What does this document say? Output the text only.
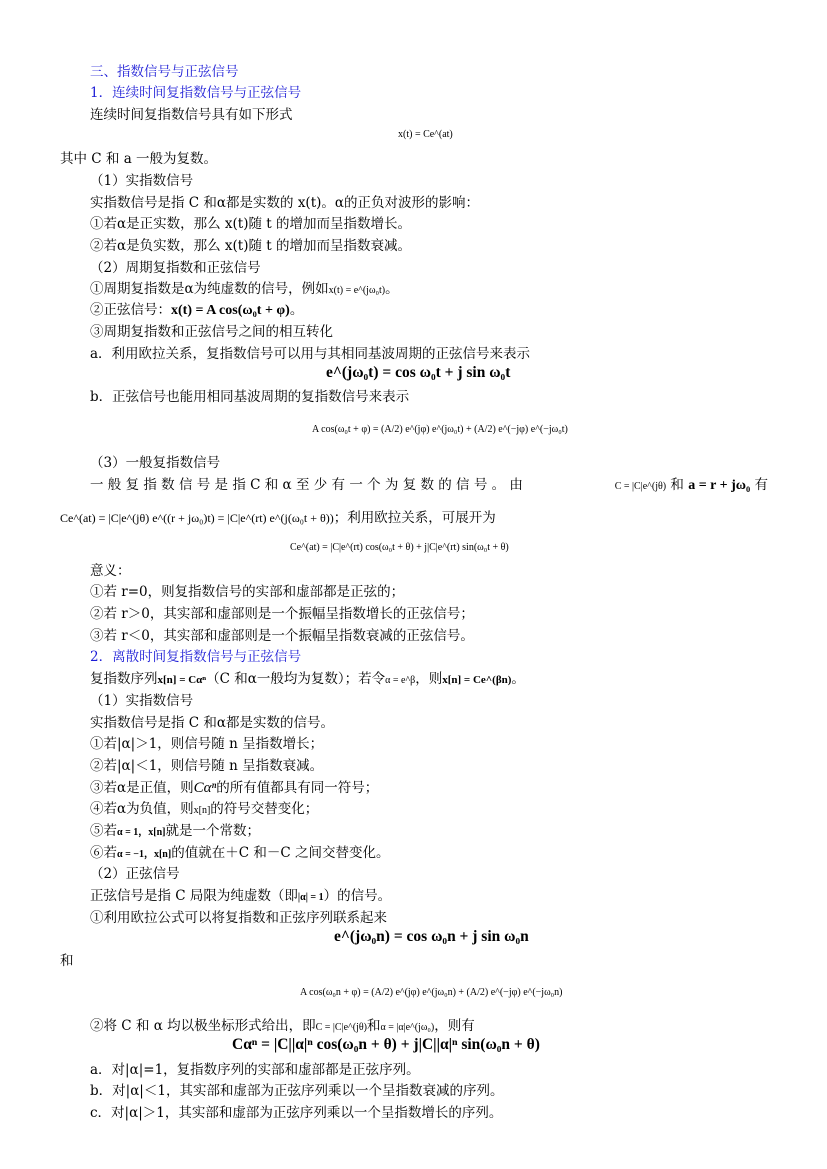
三、指数信号与正弦信号
1．连续时间复指数信号与正弦信号
连续时间复指数信号具有如下形式
x(t) = Ce^(at)
其中 C 和 a 一般为复数。
（1）实指数信号
实指数信号是指 C 和α都是实数的 x(t)。α的正负对波形的影响：
①若α是正实数，那么 x(t)随 t 的增加而呈指数增长。
②若α是负实数，那么 x(t)随 t 的增加而呈指数衰减。
（2）周期复指数和正弦信号
①周期复指数是α为纯虚数的信号，例如x(t) = e^(jω₀t)。
②正弦信号：x(t) = A cos(ω₀t + φ)。
③周期复指数和正弦信号之间的相互转化
a．利用欧拉关系，复指数信号可以用与其相同基波周期的正弦信号来表示
e^(jω₀t) = cos ω₀t + j sin ω₀t
b．正弦信号也能用相同基波周期的复指数信号来表示
A cos(ω₀t + φ) = (A/2) e^(jφ) e^(jω₀t) + (A/2) e^(−jφ) e^(−jω₀t)
（3）一般复指数信号
一 般 复 指 数 信 号 是 指 C 和 α 至 少 有 一 个 为 复 数 的 信 号 。 由	C = |C|e^(jθ) 和 a = r + jω₀ 有
Ce^(at) = |C|e^(jθ) e^((r + jω₀)t) = |C|e^(rt) e^(j(ω₀t + θ))；利用欧拉关系，可展开为
Ce^(at) = |C|e^(rt) cos(ω₀t + θ) + j|C|e^(rt) sin(ω₀t + θ)
意义：
①若 r=0，则复指数信号的实部和虚部都是正弦的；
②若 r＞0，其实部和虚部则是一个振幅呈指数增长的正弦信号；
③若 r＜0，其实部和虚部则是一个振幅呈指数衰减的正弦信号。
2．离散时间复指数信号与正弦信号
复指数序列x[n] = Cαⁿ（C 和α一般均为复数）；若令α = e^β，则x[n] = Ce^(βn)。
（1）实指数信号
实指数信号是指 C 和α都是实数的信号。
①若|α|＞1，则信号随 n 呈指数增长；
②若|α|＜1，则信号随 n 呈指数衰减。
③若α是正值，则Cαⁿ的所有值都具有同一符号；
④若α为负值，则x[n]的符号交替变化；
⑤若α = 1，x[n]就是一个常数；
⑥若α = −1，x[n]的值就在＋C 和－C 之间交替变化。
（2）正弦信号
正弦信号是指 C 局限为纯虚数（即|α| = 1）的信号。
①利用欧拉公式可以将复指数和正弦序列联系起来
e^(jω₀n) = cos ω₀n + j sin ω₀n
和
A cos(ω₀n + φ) = (A/2) e^(jφ) e^(jω₀n) + (A/2) e^(−jφ) e^(−jω₀n)
②将 C 和 α 均以极坐标形式给出，即C = |C|e^(jθ)和α = |α|e^(jω₀)，则有
Cαⁿ = |C||α|ⁿ cos(ω₀n + θ) + j|C||α|ⁿ sin(ω₀n + θ)
a．对|α|=1，复指数序列的实部和虚部都是正弦序列。
b．对|α|＜1，其实部和虚部为正弦序列乘以一个呈指数衰减的序列。
c．对|α|＞1，其实部和虚部为正弦序列乘以一个呈指数增长的序列。
